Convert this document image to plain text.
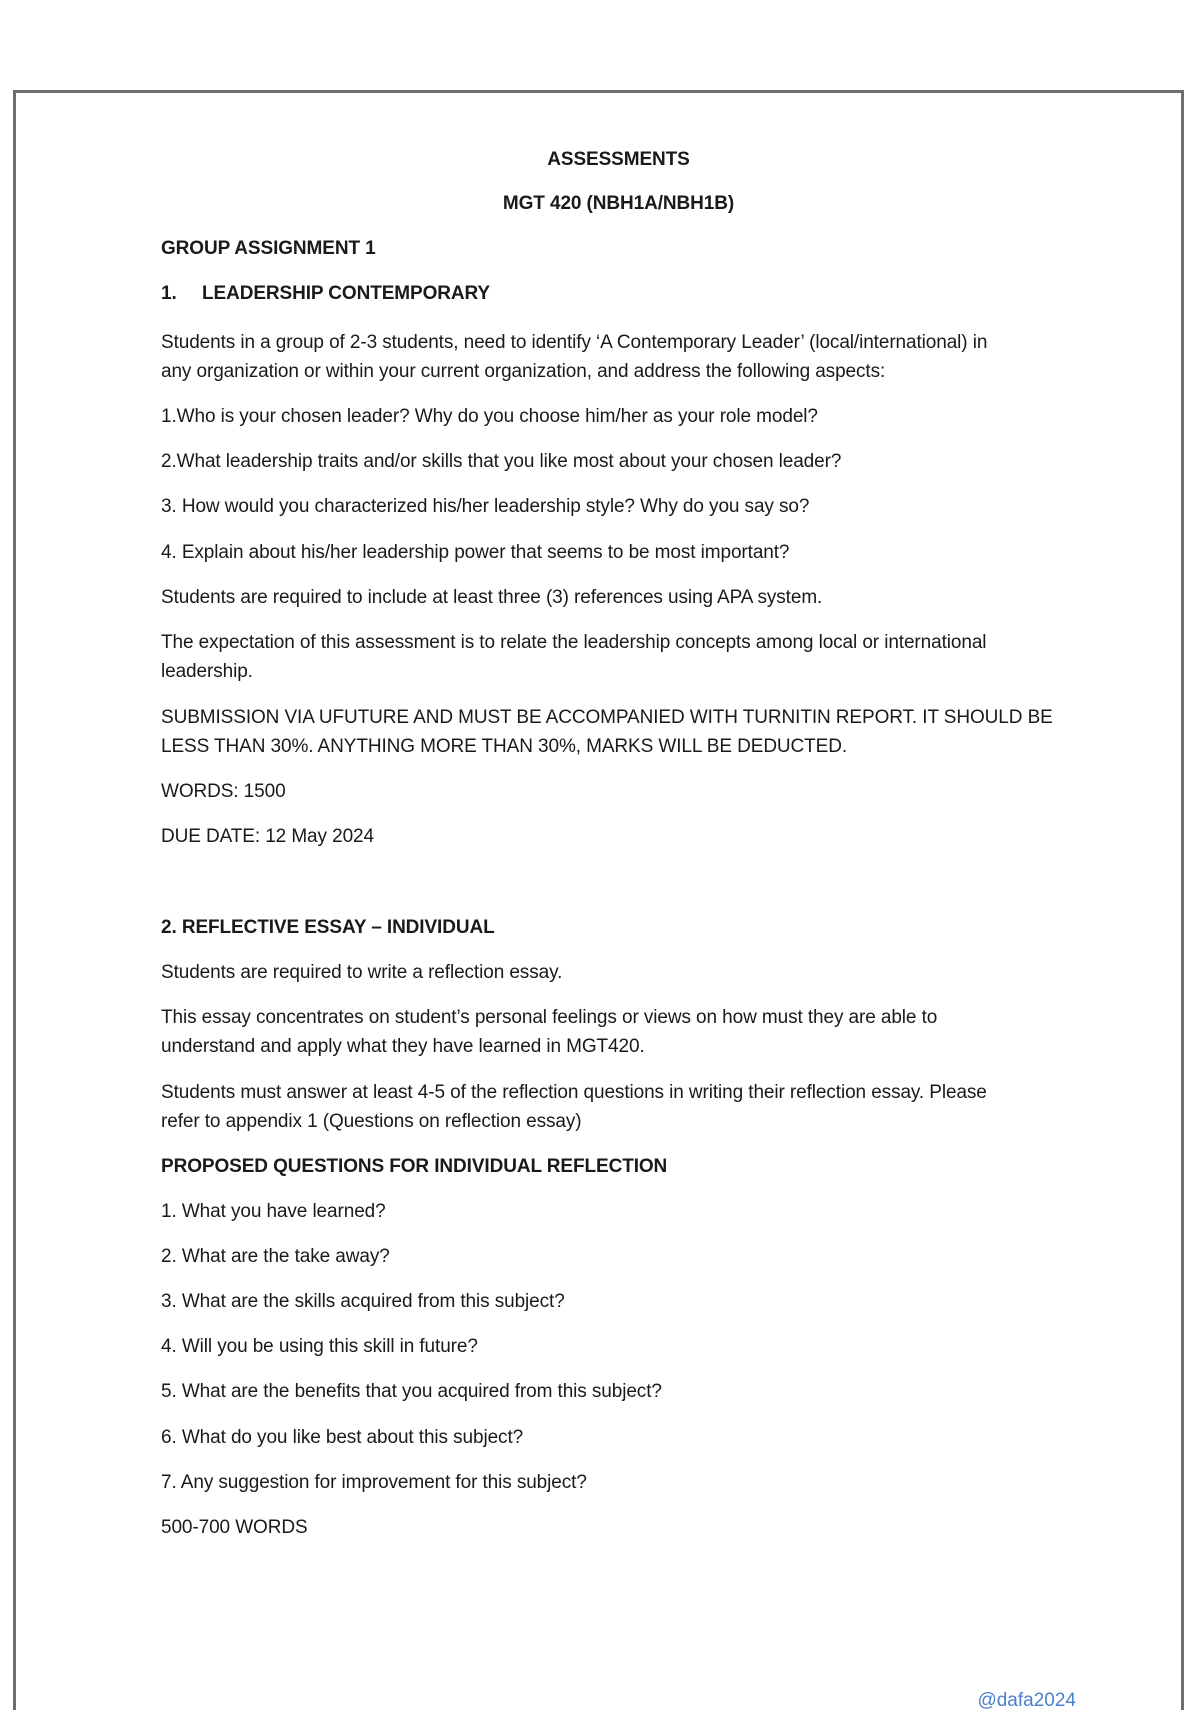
ASSESSMENTS
MGT 420 (NBH1A/NBH1B)
GROUP ASSIGNMENT 1
1. LEADERSHIP CONTEMPORARY
Students in a group of 2-3 students, need to identify ‘A Contemporary Leader’ (local/international) in
any organization or within your current organization, and address the following aspects:
1.Who is your chosen leader? Why do you choose him/her as your role model?
2.What leadership traits and/or skills that you like most about your chosen leader?
3. How would you characterized his/her leadership style? Why do you say so?
4. Explain about his/her leadership power that seems to be most important?
Students are required to include at least three (3) references using APA system.
The expectation of this assessment is to relate the leadership concepts among local or international
leadership.
SUBMISSION VIA UFUTURE AND MUST BE ACCOMPANIED WITH TURNITIN REPORT. IT SHOULD BE
LESS THAN 30%. ANYTHING MORE THAN 30%, MARKS WILL BE DEDUCTED.
WORDS: 1500
DUE DATE: 12 May 2024
2. REFLECTIVE ESSAY – INDIVIDUAL
Students are required to write a reflection essay.
This essay concentrates on student’s personal feelings or views on how must they are able to
understand and apply what they have learned in MGT420.
Students must answer at least 4-5 of the reflection questions in writing their reflection essay. Please
refer to appendix 1 (Questions on reflection essay)
PROPOSED QUESTIONS FOR INDIVIDUAL REFLECTION
1. What you have learned?
2. What are the take away?
3. What are the skills acquired from this subject?
4. Will you be using this skill in future?
5. What are the benefits that you acquired from this subject?
6. What do you like best about this subject?
7. Any suggestion for improvement for this subject?
500-700 WORDS
@dafa2024
